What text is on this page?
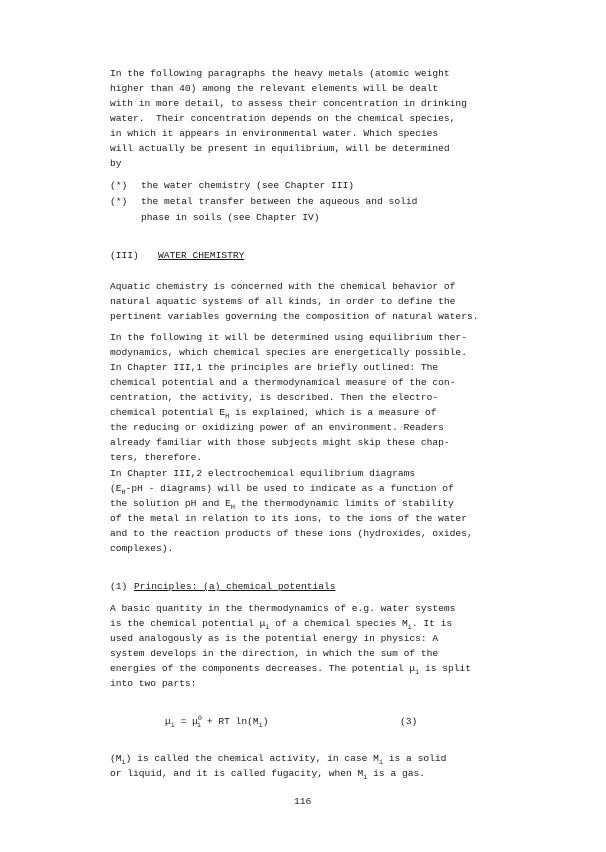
In the following paragraphs the heavy metals (atomic weight
higher than 40) among the relevant elements will be dealt
with in more detail, to assess their concentration in drinking
water.  Their concentration depends on the chemical species,
in which it appears in environmental water. Which species
will actually be present in equilibrium, will be determined
by
(*) the water chemistry (see Chapter III)
(*) the metal transfer between the aqueous and solid
phase in soils (see Chapter IV)
(III) WATER CHEMISTRY
Aquatic chemistry is concerned with the chemical behavior of
natural aquatic systems of all kinds, in order to define the
pertinent variables governing the composition of natural waters.
In the following it will be determined using equilibrium ther-
modynamics, which chemical species are energetically possible.
In Chapter III,1 the principles are briefly outlined: The
chemical potential and a thermodynamical measure of the con-
centration, the activity, is described. Then the electro-
chemical potential $E_H$ is explained, which is a measure of
the reducing or oxidizing power of an environment. Readers
already familiar with those subjects might skip these chap-
ters, therefore.
In Chapter III,2 electrochemical equilibrium diagrams
($E_H-pH$ - diagrams) will be used to indicate as a function of
the solution pH and $E_H$ the thermodynamic limits of stability
of the metal in relation to its ions, to the ions of the water
and to the reaction products of these ions (hydroxides, oxides,
complexes).
(1) Principles: (a) chemical potentials
A basic quantity in the thermodynamics of e.g. water systems
is the chemical potential $\mu_i$ of a chemical species $M_i$. It is
used analogously as is the potential energy in physics: A
system develops in the direction, in which the sum of the
energies of the components decreases. The potential $\mu_i$ is split
into two parts:
$\mu_i = \mu^0_i$ + RT $\ln(M_i)$	(3)
$(M_i)$ is called the chemical activity, in case $M_i$ is a solid
or liquid, and it is called fugacity, when $M_i$ is a gas.
116
